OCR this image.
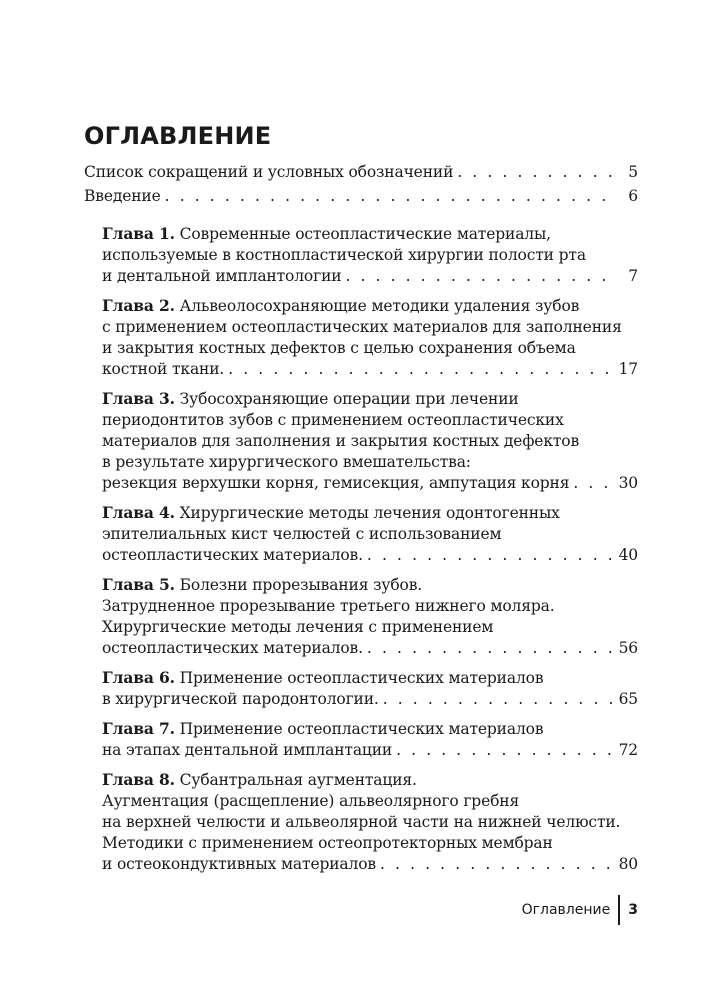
ОГЛАВЛЕНИЕ
Список сокращений и условных обозначений . . .	5
Введение . . .	6
Глава 1. Современные остеопластические материалы,
используемые в костнопластической хирургии полости рта
и дентальной имплантологии . . .	7
Глава 2. Альвеолосохраняющие методики удаления зубов
с применением остеопластических материалов для заполнения
и закрытия костных дефектов с целью сохранения объема
костной ткани. . . .	17
Глава 3. Зубосохраняющие операции при лечении
периодонтитов зубов с применением остеопластических
материалов для заполнения и закрытия костных дефектов
в результате хирургического вмешательства:
резекция верхушки корня, гемисекция, ампутация корня . . .	30
Глава 4. Хирургические методы лечения одонтогенных
эпителиальных кист челюстей с использованием
остеопластических материалов. . . .	40
Глава 5. Болезни прорезывания зубов.
Затрудненное прорезывание третьего нижнего моляра.
Хирургические методы лечения с применением
остеопластических материалов. . . .	56
Глава 6. Применение остеопластических материалов
в хирургической пародонтологии. . . .	65
Глава 7. Применение остеопластических материалов
на этапах дентальной имплантации . . .	72
Глава 8. Субантральная аугментация.
Аугментация (расщепление) альвеолярного гребня
на верхней челюсти и альвеолярной части на нижней челюсти.
Методики с применением остеопротекторных мембран
и остеокондуктивных материалов . . .	80
Оглавление	3
